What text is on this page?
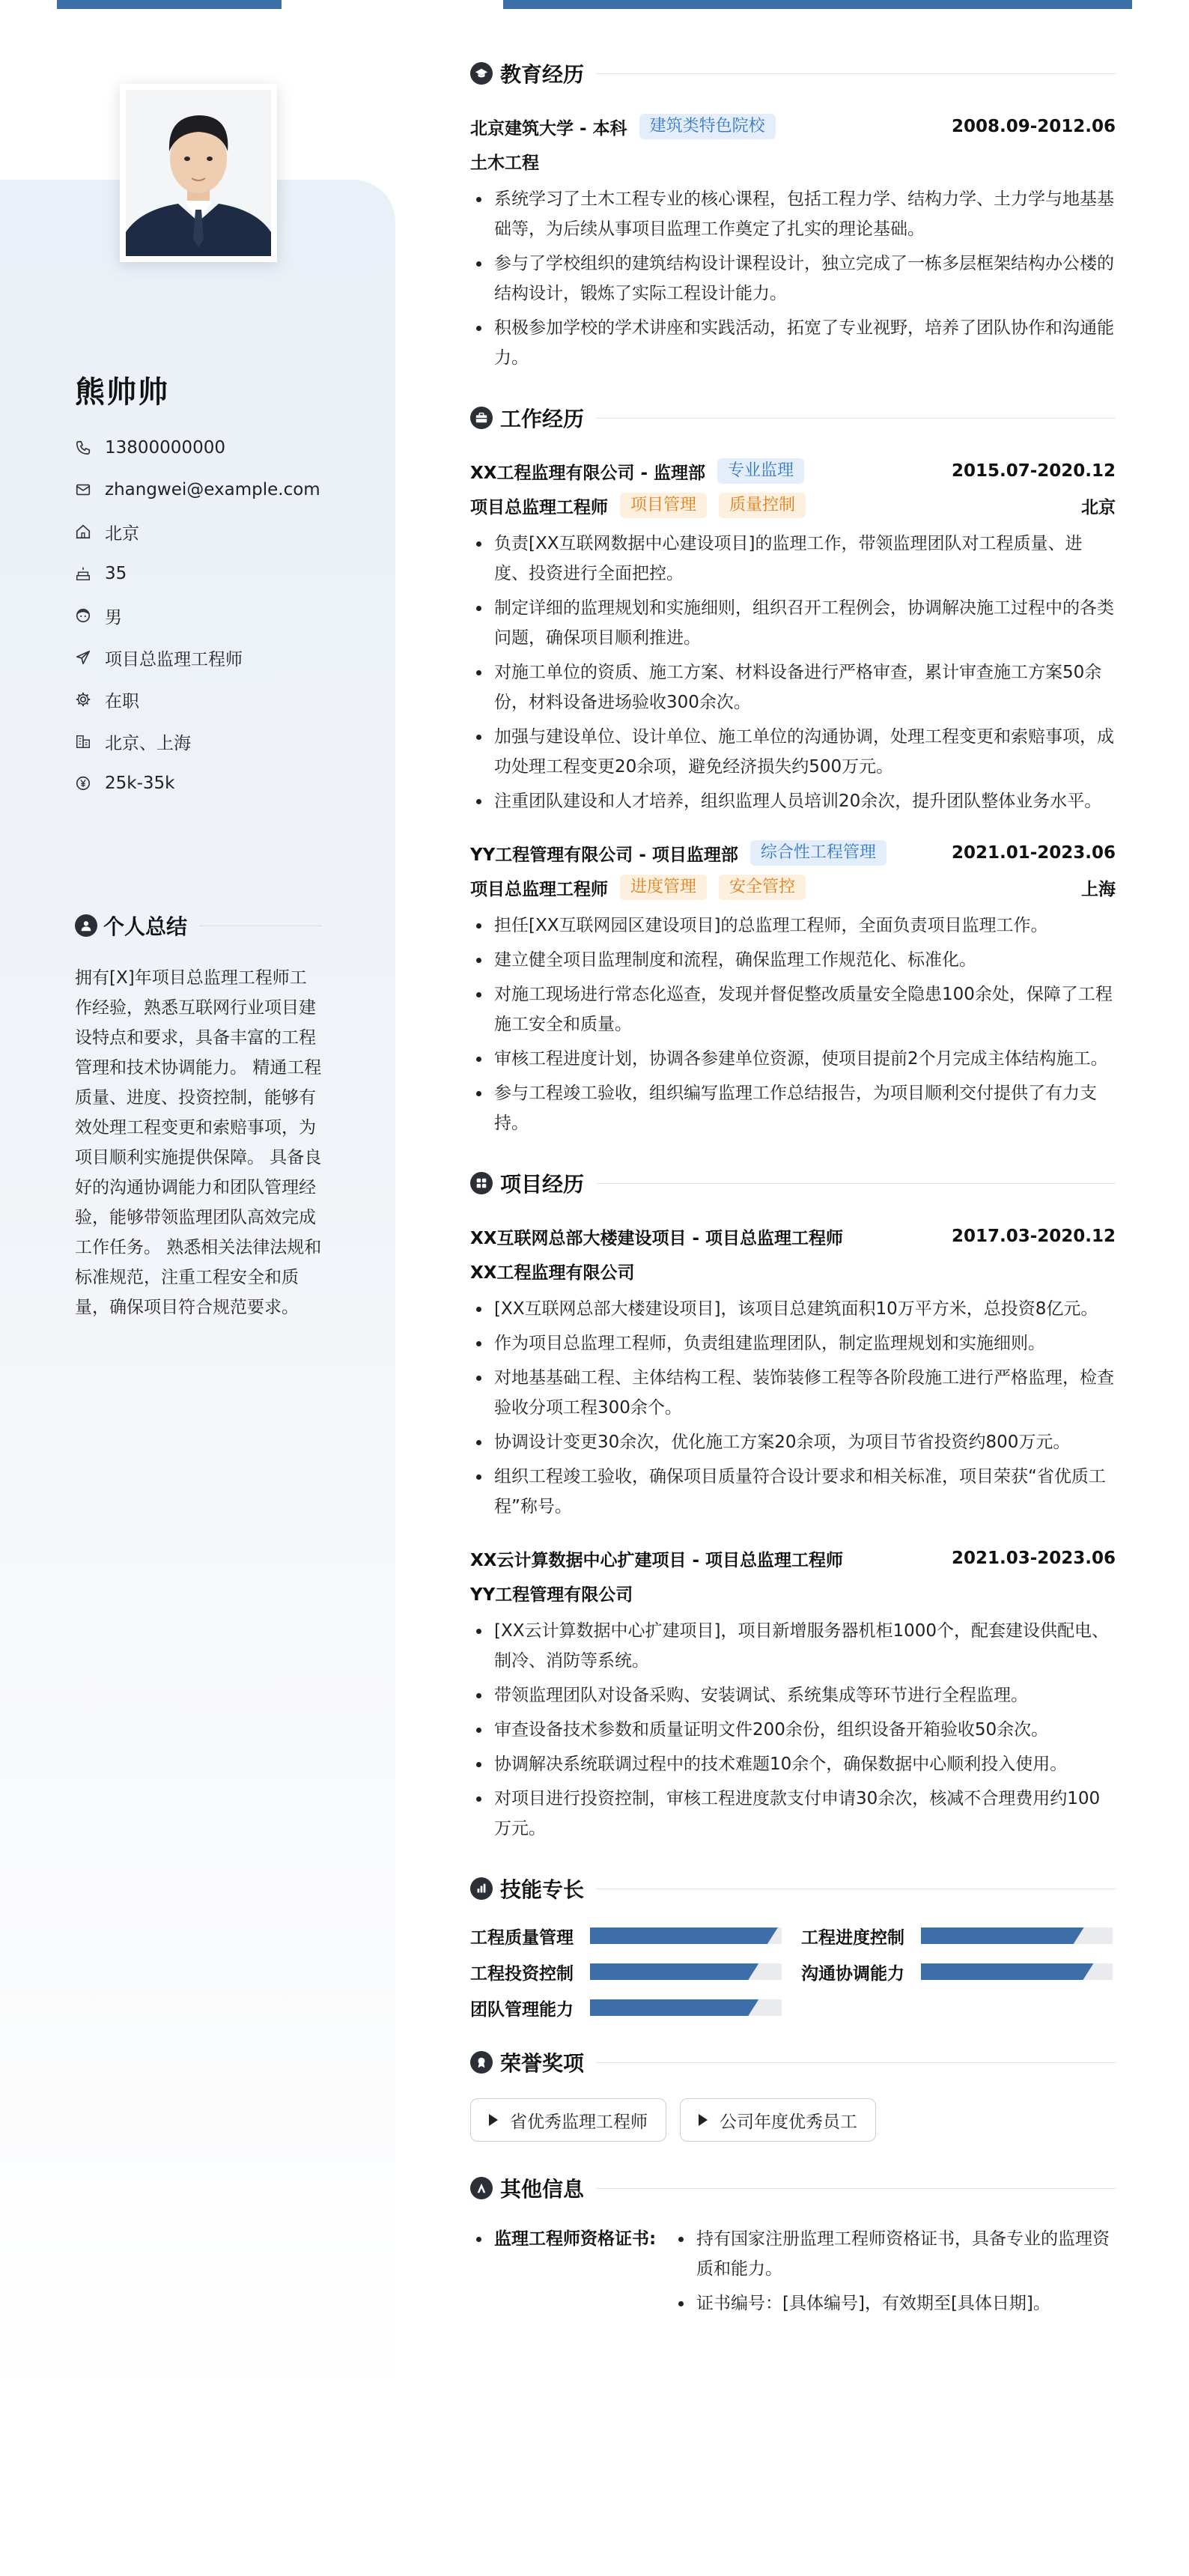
熊帅帅
13800000000
zhangwei@example.com
北京
35
男
项目总监理工程师
在职
北京、上海
25k-35k
个人总结

拥有[X]年项目总监理工程师工作经验，熟悉互联网行业项目建设特点和要求，具备丰富的工程管理和技术协调能力。 精通工程质量、进度、投资控制，能够有效处理工程变更和索赔事项，为项目顺利实施提供保障。 具备良好的沟通协调能力和团队管理经验，能够带领监理团队高效完成工作任务。 熟悉相关法律法规和标准规范，注重工程安全和质量，确保项目符合规范要求。

教育经历
北京建筑大学 - 本科	建筑类特色院校	2008.09-2012.06
土木工程
系统学习了土木工程专业的核心课程，包括工程力学、结构力学、土力学与地基基础等，为后续从事项目监理工作奠定了扎实的理论基础。
参与了学校组织的建筑结构设计课程设计，独立完成了一栋多层框架结构办公楼的结构设计，锻炼了实际工程设计能力。
积极参加学校的学术讲座和实践活动，拓宽了专业视野，培养了团队协作和沟通能力。
工作经历
XX工程监理有限公司 - 监理部	专业监理	2015.07-2020.12
项目总监理工程师	项目管理	质量控制	北京
负责[XX互联网数据中心建设项目]的监理工作，带领监理团队对工程质量、进度、投资进行全面把控。
制定详细的监理规划和实施细则，组织召开工程例会，协调解决施工过程中的各类问题，确保项目顺利推进。
对施工单位的资质、施工方案、材料设备进行严格审查，累计审查施工方案50余份，材料设备进场验收300余次。
加强与建设单位、设计单位、施工单位的沟通协调，处理工程变更和索赔事项，成功处理工程变更20余项，避免经济损失约500万元。
注重团队建设和人才培养，组织监理人员培训20余次，提升团队整体业务水平。
YY工程管理有限公司 - 项目监理部	综合性工程管理	2021.01-2023.06
项目总监理工程师	进度管理	安全管控	上海
担任[XX互联网园区建设项目]的总监理工程师，全面负责项目监理工作。
建立健全项目监理制度和流程，确保监理工作规范化、标准化。
对施工现场进行常态化巡查，发现并督促整改质量安全隐患100余处，保障了工程施工安全和质量。
审核工程进度计划，协调各参建单位资源，使项目提前2个月完成主体结构施工。
参与工程竣工验收，组织编写监理工作总结报告，为项目顺利交付提供了有力支持。
项目经历
XX互联网总部大楼建设项目 - 项目总监理工程师	2017.03-2020.12
XX工程监理有限公司
[XX互联网总部大楼建设项目]，该项目总建筑面积10万平方米，总投资8亿元。
作为项目总监理工程师，负责组建监理团队，制定监理规划和实施细则。
对地基基础工程、主体结构工程、装饰装修工程等各阶段施工进行严格监理，检查验收分项工程300余个。
协调设计变更30余次，优化施工方案20余项，为项目节省投资约800万元。
组织工程竣工验收，确保项目质量符合设计要求和相关标准，项目荣获“省优质工程”称号。
XX云计算数据中心扩建项目 - 项目总监理工程师	2021.03-2023.06
YY工程管理有限公司
[XX云计算数据中心扩建项目]，项目新增服务器机柜1000个，配套建设供配电、制冷、消防等系统。
带领监理团队对设备采购、安装调试、系统集成等环节进行全程监理。
审查设备技术参数和质量证明文件200余份，组织设备开箱验收50余次。
协调解决系统联调过程中的技术难题10余个，确保数据中心顺利投入使用。
对项目进行投资控制，审核工程进度款支付申请30余次，核减不合理费用约100万元。
技能专长
工程质量管理	工程进度控制
工程投资控制	沟通协调能力
团队管理能力
荣誉奖项
省优秀监理工程师	公司年度优秀员工
其他信息
监理工程师资格证书:	持有国家注册监理工程师资格证书，具备专业的监理资质和能力。
证书编号：[具体编号]，有效期至[具体日期]。
